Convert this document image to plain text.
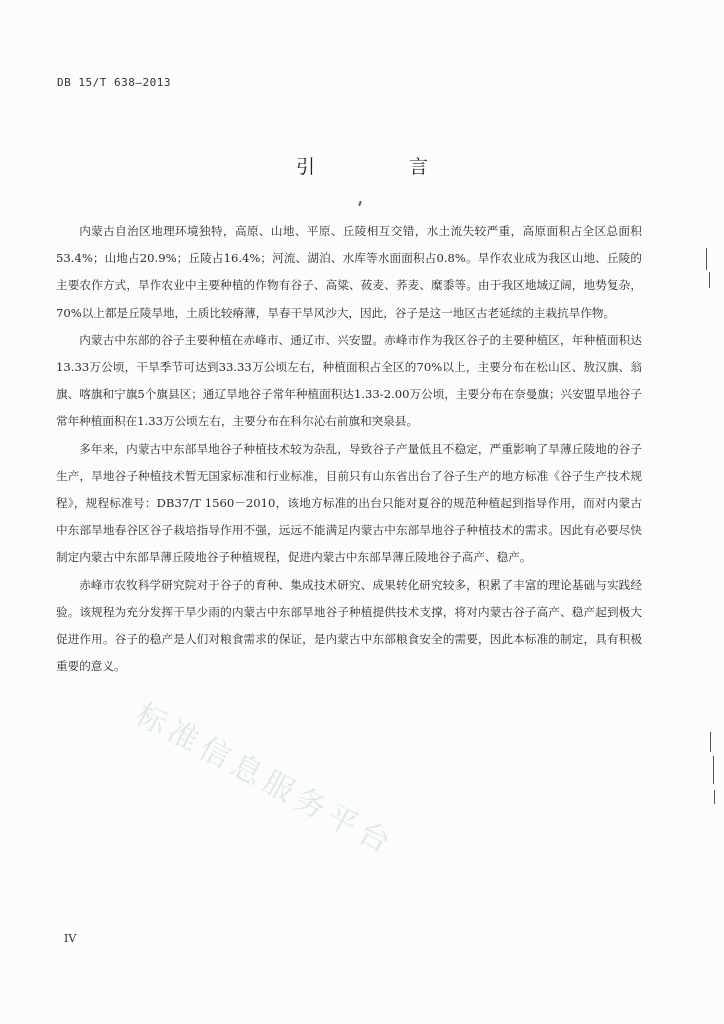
DB 15/T 638—2013
引 言

内蒙古自治区地理环境独特，高原、山地、平原、丘陵相互交错，水土流失较严重，高原面积占全区总面积53.4%；山地占20.9%；丘陵占16.4%；河流、湖泊、水库等水面面积占0.8%。旱作农业成为我区山地、丘陵的主要农作方式，旱作农业中主要种植的作物有谷子、高粱、莜麦、荞麦、糜黍等。由于我区地域辽阔，地势复杂，70%以上都是丘陵旱地，土质比较瘠薄，旱春干旱风沙大，因此，谷子是这一地区古老延续的主栽抗旱作物。

内蒙古中东部的谷子主要种植在赤峰市、通辽市、兴安盟。赤峰市作为我区谷子的主要种植区，年种植面积达13.33万公顷，干旱季节可达到33.33万公顷左右，种植面积占全区的70%以上，主要分布在松山区、敖汉旗、翁旗、喀旗和宁旗5个旗县区；通辽旱地谷子常年种植面积达1.33-2.00万公顷，主要分布在奈曼旗；兴安盟旱地谷子常年种植面积在1.33万公顷左右，主要分布在科尔沁右前旗和突泉县。

多年来，内蒙古中东部旱地谷子种植技术较为杂乱，导致谷子产量低且不稳定，严重影响了旱薄丘陵地的谷子生产，旱地谷子种植技术暂无国家标准和行业标准，目前只有山东省出台了谷子生产的地方标准《谷子生产技术规程》，规程标准号：DB37/T 1560－2010，该地方标准的出台只能对夏谷的规范种植起到指导作用，而对内蒙古中东部旱地春谷区谷子栽培指导作用不强，远远不能满足内蒙古中东部旱地谷子种植技术的需求。因此有必要尽快制定内蒙古中东部旱薄丘陵地谷子种植规程，促进内蒙古中东部旱薄丘陵地谷子高产、稳产。

赤峰市农牧科学研究院对于谷子的育种、集成技术研究、成果转化研究较多，积累了丰富的理论基础与实践经验。该规程为充分发挥干旱少雨的内蒙古中东部旱地谷子种植提供技术支撑，将对内蒙古谷子高产、稳产起到极大促进作用。谷子的稳产是人们对粮食需求的保证，是内蒙古中东部粮食安全的需要，因此本标准的制定，具有积极重要的意义。

标准信息服务平台
IV
